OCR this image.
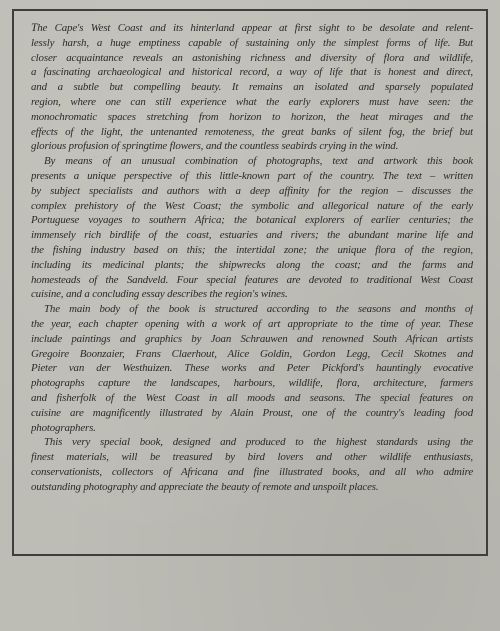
The Cape's West Coast and its hinterland appear at first sight to be desolate and relent-
lessly harsh, a huge emptiness capable of sustaining only the simplest forms of life. But
closer acquaintance reveals an astonishing richness and diversity of flora and wildlife,
a fascinating archaeological and historical record, a way of life that is honest and direct,
and a subtle but compelling beauty. It remains an isolated and sparsely populated
region, where one can still experience what the early explorers must have seen: the
monochromatic spaces stretching from horizon to horizon, the heat mirages and the
effects of the light, the untenanted remoteness, the great banks of silent fog, the brief but
glorious profusion of springtime flowers, and the countless seabirds crying in the wind.
By means of an unusual combination of photographs, text and artwork this book
presents a unique perspective of this little-known part of the country. The text – written
by subject specialists and authors with a deep affinity for the region – discusses the
complex prehistory of the West Coast; the symbolic and allegorical nature of the early
Portuguese voyages to southern Africa; the botanical explorers of earlier centuries; the
immensely rich birdlife of the coast, estuaries and rivers; the abundant marine life and
the fishing industry based on this; the intertidal zone; the unique flora of the region,
including its medicinal plants; the shipwrecks along the coast; and the farms and
homesteads of the Sandveld. Four special features are devoted to traditional West Coast
cuisine, and a concluding essay describes the region's wines.
The main body of the book is structured according to the seasons and months of
the year, each chapter opening with a work of art appropriate to the time of year. These
include paintings and graphics by Joan Schrauwen and renowned South African artists
Gregoire Boonzaier, Frans Claerhout, Alice Goldin, Gordon Legg, Cecil Skotnes and
Pieter van der Westhuizen. These works and Peter Pickford's hauntingly evocative
photographs capture the landscapes, harbours, wildlife, flora, architecture, farmers
and fisherfolk of the West Coast in all moods and seasons. The special features on
cuisine are magnificently illustrated by Alain Proust, one of the country's leading food
photographers.
This very special book, designed and produced to the highest standards using the
finest materials, will be treasured by bird lovers and other wildlife enthusiasts,
conservationists, collectors of Africana and fine illustrated books, and all who admire
outstanding photography and appreciate the beauty of remote and unspoilt places.
